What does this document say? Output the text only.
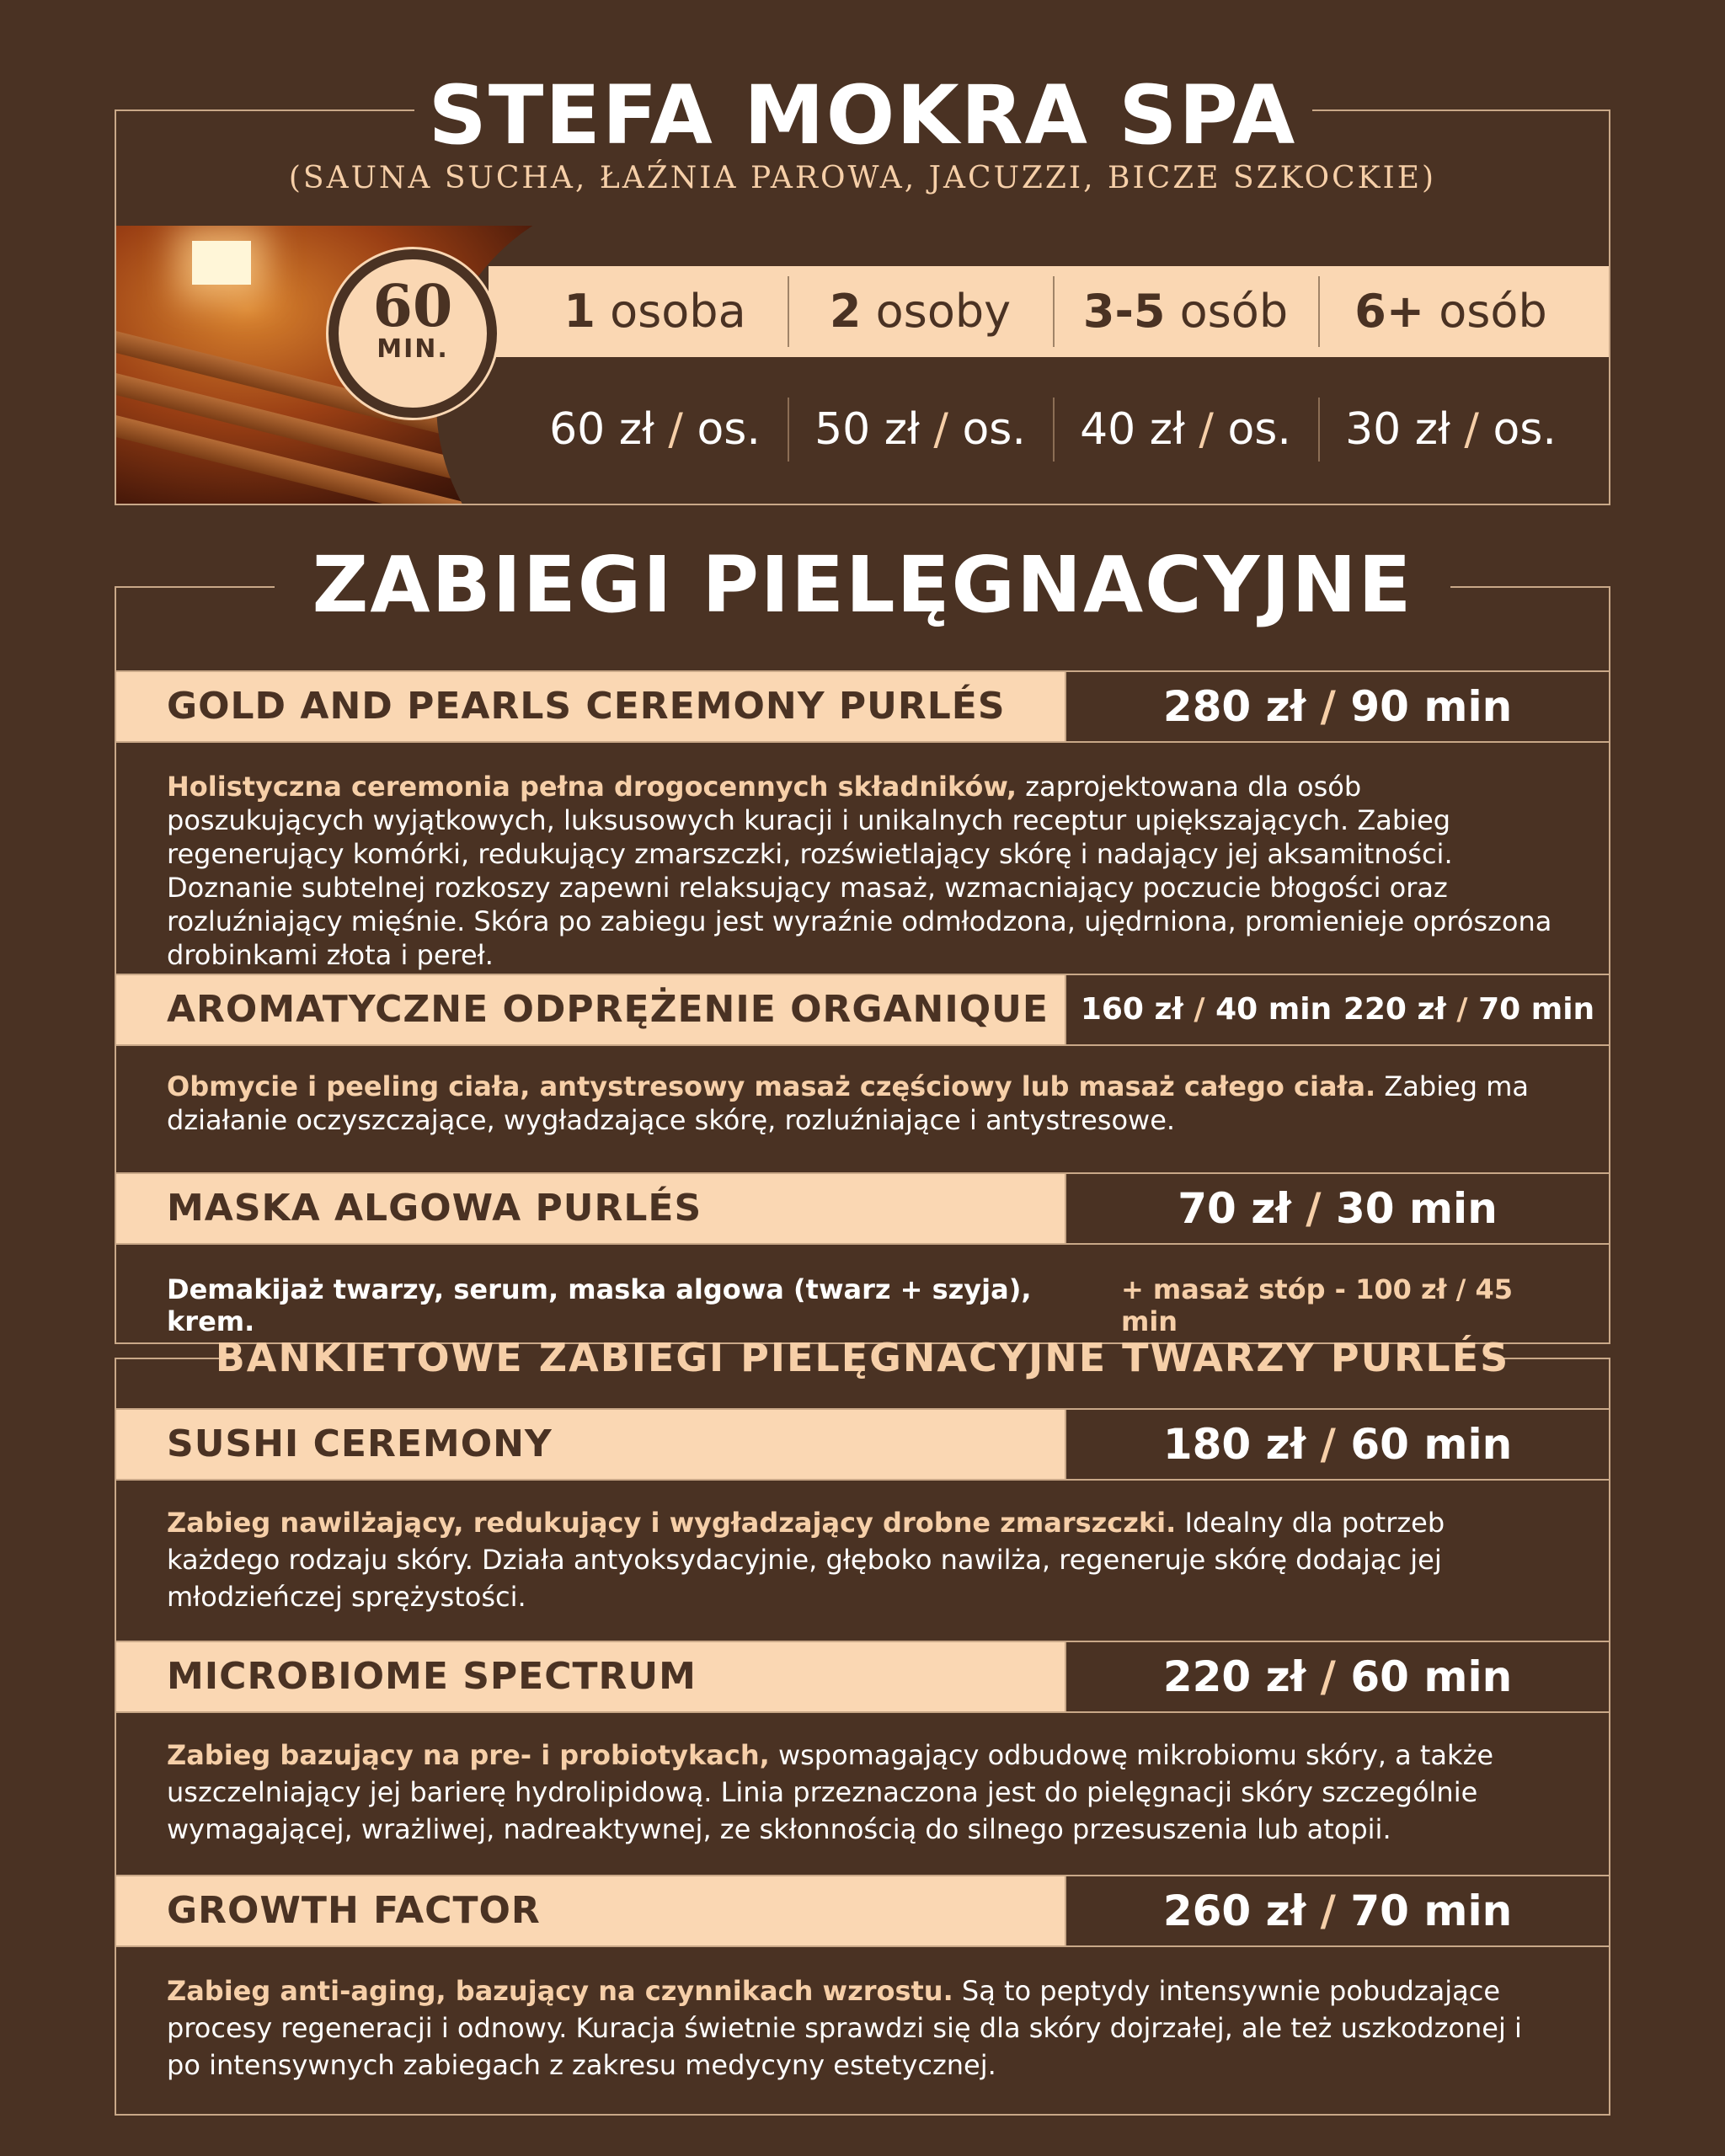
STEFA MOKRA SPA
(SAUNA SUCHA, ŁAŹNIA PAROWA, JACUZZI, BICZE SZKOCKIE)
60
MIN.
1 osoba	2 osoby	3-5 osób	6+ osób
60 zł / os.	50 zł / os.	40 zł / os.	30 zł / os.
ZABIEGI PIELĘGNACYJNE
GOLD AND PEARLS CEREMONY PURLÉS	280 zł / 90 min
Holistyczna ceremonia pełna drogocennych składników, zaprojektowana dla osób poszukujących wyjątkowych, luksusowych kuracji i unikalnych receptur upiększających. Zabieg regenerujący komórki, redukujący zmarszczki, rozświetlający skórę i nadający jej aksamitności. Doznanie subtelnej rozkoszy zapewni relaksujący masaż, wzmacniający poczucie błogości oraz rozluźniający mięśnie. Skóra po zabiegu jest wyraźnie odmłodzona, ujędrniona, promienieje oprószona drobinkami złota i pereł.
AROMATYCZNE ODPRĘŻENIE ORGANIQUE	160 zł / 40 min 220 zł / 70 min
Obmycie i peeling ciała, antystresowy masaż częściowy lub masaż całego ciała. Zabieg ma działanie oczyszczające, wygładzające skórę, rozluźniające i antystresowe.
MASKA ALGOWA PURLÉS	70 zł / 30 min
Demakijaż twarzy, serum, maska algowa (twarz + szyja), krem.
+ masaż stóp - 100 zł / 45 min
BANKIETOWE ZABIEGI PIELĘGNACYJNE TWARZY PURLÉS
SUSHI CEREMONY	180 zł / 60 min
Zabieg nawilżający, redukujący i wygładzający drobne zmarszczki. Idealny dla potrzeb każdego rodzaju skóry. Działa antyoksydacyjnie, głęboko nawilża, regeneruje skórę dodając jej młodzieńczej sprężystości.
MICROBIOME SPECTRUM	220 zł / 60 min
Zabieg bazujący na pre- i probiotykach, wspomagający odbudowę mikrobiomu skóry, a także uszczelniający jej barierę hydrolipidową. Linia przeznaczona jest do pielęgnacji skóry szczególnie wymagającej, wrażliwej, nadreaktywnej, ze skłonnością do silnego przesuszenia lub atopii.
GROWTH FACTOR	260 zł / 70 min
Zabieg anti-aging, bazujący na czynnikach wzrostu. Są to peptydy intensywnie pobudzające procesy regeneracji i odnowy. Kuracja świetnie sprawdzi się dla skóry dojrzałej, ale też uszkodzonej i po intensywnych zabiegach z zakresu medycyny estetycznej.
